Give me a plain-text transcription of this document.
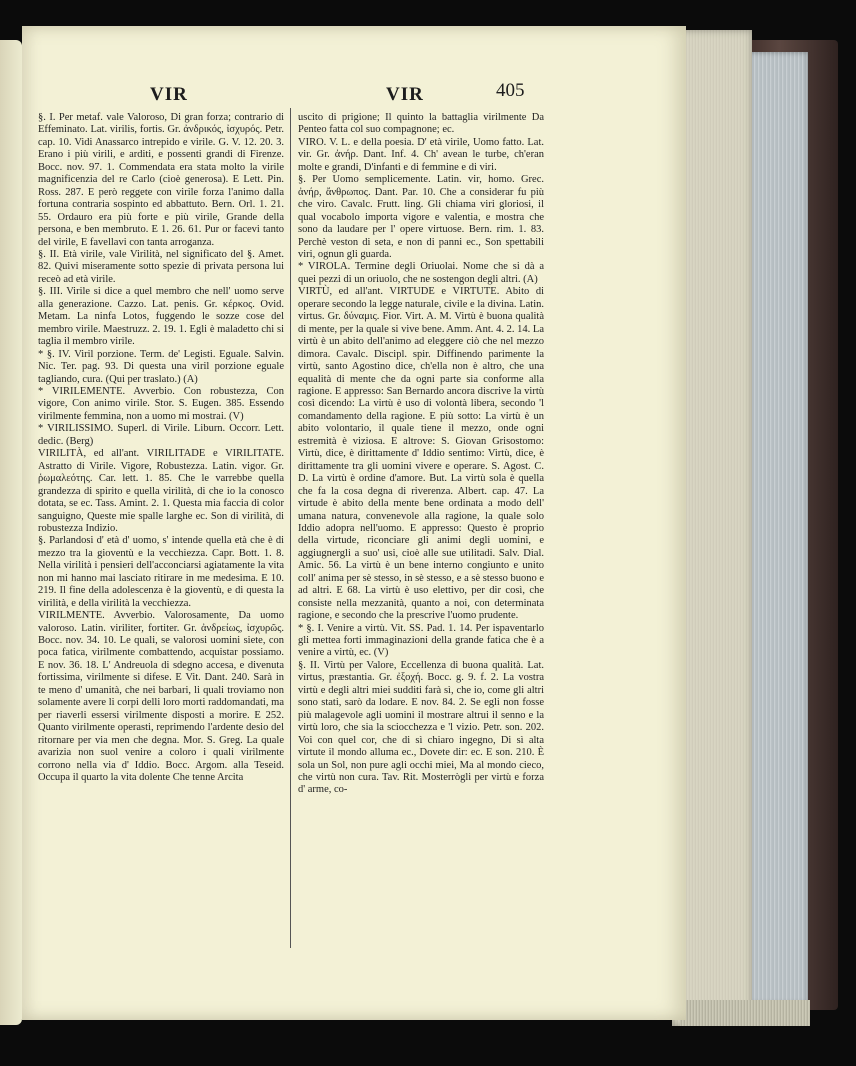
VIR	VIR	405

§. I. Per metaf. vale Valoroso, Di gran forza; contrario di Effeminato. Lat. virilis, fortis. Gr. ἀνδρικός, ἰσχυρός. Petr. cap. 10. Vidi Anassarco intrepido e virile. G. V. 12. 20. 3. Erano i più virili, e arditi, e possenti grandi di Firenze. Bocc. nov. 97. 1. Commendata era stata molto la virile magnificenzia del re Carlo (cioè generosa). E Lett. Pin. Ross. 287. E però reggete con virile forza l'animo dalla fortuna contraria sospinto ed abbattuto. Bern. Orl. 1. 21. 55. Ordauro era più forte e più virile, Grande della persona, e ben membruto. E 1. 26. 61. Pur or facevi tanto del virile, E favellavi con tanta arroganza.

§. II. Età virile, vale Virilità, nel significato del §. Amet. 82. Quivi miseramente sotto spezie di privata persona lui receò ad età virile.

§. III. Virile si dice a quel membro che nell' uomo serve alla generazione. Cazzo. Lat. penis. Gr. κέρκος. Ovid. Metam. La ninfa Lotos, fuggendo le sozze cose del membro virile. Maestruzz. 2. 19. 1. Egli è maladetto chi si taglia il membro virile.

* §. IV. Viril porzione. Term. de' Legisti. Eguale. Salvin. Nic. Ter. pag. 93. Di questa una viril porzione eguale tagliando, cura. (Qui per traslato.) (A)

* VIRILEMENTE. Avverbio. Con robustezza, Con vigore, Con animo virile. Stor. S. Eugen. 385. Essendo virilmente femmina, non a uomo mi mostrai. (V)

* VIRILISSIMO. Superl. di Virile. Liburn. Occorr. Lett. dedic. (Berg)

VIRILITÀ, ed all'ant. VIRILITADE e VIRILITATE. Astratto di Virile. Vigore, Robustezza. Latin. vigor. Gr. ῥωμαλεότης. Car. lett. 1. 85. Che le varrebbe quella grandezza di spirito e quella virilità, di che io la conosco dotata, se ec. Tass. Amint. 2. 1. Questa mia faccia di color sanguigno, Queste mie spalle larghe ec. Son di virilità, di robustezza Indizio.

§. Parlandosi d' età d' uomo, s' intende quella età che è di mezzo tra la gioventù e la vecchiezza. Capr. Bott. 1. 8. Nella virilità i pensieri dell'acconciarsi agiatamente la vita non mi hanno mai lasciato ritirare in me medesima. E 10. 219. Il fine della adolescenza è la gioventù, e di questa la virilità, e della virilità la vecchiezza.

VIRILMENTE. Avverbio. Valorosamente, Da uomo valoroso. Latin. viriliter, fortiter. Gr. ἀνδρείως, ἰσχυρῶς. Bocc. nov. 34. 10. Le quali, se valorosi uomini siete, con poca fatica, virilmente combattendo, acquistar possiamo. E nov. 36. 18. L' Andreuola di sdegno accesa, e divenuta fortissima, virilmente si difese. E Vit. Dant. 240. Sarà in te meno d' umanità, che nei barbari, li quali troviamo non solamente avere li corpi delli loro morti raddomandati, ma per riaverli essersi virilmente disposti a morire. E 252. Quanto virilmente operasti, reprimendo l'ardente desio del ritornare per via men che degna. Mor. S. Greg. La quale avarizia non suol venire a coloro i quali virilmente corrono nella via d' Iddio. Bocc. Argom. alla Teseid. Occupa il quarto la vita dolente Che tenne Arcita

uscito di prigione; Il quinto la battaglia virilmente Da Penteo fatta col suo compagnone; ec.

VIRO. V. L. e della poesia. D' età virile, Uomo fatto. Lat. vir. Gr. ἀνήρ. Dant. Inf. 4. Ch' avean le turbe, ch'eran molte e grandi, D'infanti e di femmine e di viri.

§. Per Uomo semplicemente. Latin. vir, homo. Grec. ἀνήρ, ἄνθρωπος. Dant. Par. 10. Che a considerar fu più che viro. Cavalc. Frutt. ling. Gli chiama viri gloriosi, il qual vocabolo importa vigore e valentia, e mostra che sono da laudare per l' opere virtuose. Bern. rim. 1. 83. Perchè veston di seta, e non di panni ec., Son spettabili viri, ognun gli guarda.

* VIROLA. Termine degli Oriuolai. Nome che si dà a quei pezzi di un oriuolo, che ne sostengon degli altri. (A)

VIRTÙ, ed all'ant. VIRTUDE e VIRTUTE. Abito di operare secondo la legge naturale, civile e la divina. Latin. virtus. Gr. δύναμις. Fior. Virt. A. M. Virtù è buona qualità di mente, per la quale si vive bene. Amm. Ant. 4. 2. 14. La virtù è un abito dell'animo ad eleggere ciò che nel mezzo dimora. Cavalc. Discipl. spir. Diffinendo parimente la virtù, santo Agostino dice, ch'ella non è altro, che una equalità di mente che da ogni parte sia conforme alla ragione. E appresso: San Bernardo ancora discrive la virtù così dicendo: La virtù è uso di volontà libera, secondo 'l comandamento della ragione. E più sotto: La virtù è un abito volontario, il quale tiene il mezzo, onde ogni estremità è viziosa. E altrove: S. Giovan Grisostomo: Virtù, dice, è dirittamente d' Iddio sentimo: Virtù, dice, è dirittamente tra gli uomini vivere e operare. S. Agost. C. D. La virtù è ordine d'amore. But. La virtù sola è quella che fa la cosa degna di riverenza. Albert. cap. 47. La virtude è abito della mente bene ordinata a modo dell' umana natura, convenevole alla ragione, la quale solo Iddio adopra nell'uomo. E appresso: Questo è proprio della virtude, riconciare gli animi degli uomini, e aggiugnergli a suo' usi, cioè alle sue utilitadi. Salv. Dial. Amic. 56. La virtù è un bene interno congiunto e unito coll' anima per sè stesso, in sè stesso, e a sè stesso buono e ad altri. E 68. La virtù è uso elettivo, per dir così, che consiste nella mezzanità, quanto a noi, con determinata ragione, e secondo che la prescrive l'uomo prudente.

* §. I. Venire a virtù. Vit. SS. Pad. 1. 14. Per ispaventarlo gli mettea forti immaginazioni della grande fatica che è a venire a virtù, ec. (V)

§. II. Virtù per Valore, Eccellenza di buona qualità. Lat. virtus, præstantia. Gr. ἐξοχή. Bocc. g. 9. f. 2. La vostra virtù e degli altri miei sudditi farà sì, che io, come gli altri sono stati, sarò da lodare. E nov. 84. 2. Se egli non fosse più malagevole agli uomini il mostrare altrui il senno e la virtù loro, che sia la sciocchezza e 'l vizio. Petr. son. 202. Voi con quel cor, che di sì chiaro ingegno, Di sì alta virtute il mondo alluma ec., Dovete dir: ec. E son. 210. È sola un Sol, non pure agli occhi miei, Ma al mondo cieco, che virtù non cura. Tav. Rit. Mosterrògli per virtù e forza d' arme, co-
